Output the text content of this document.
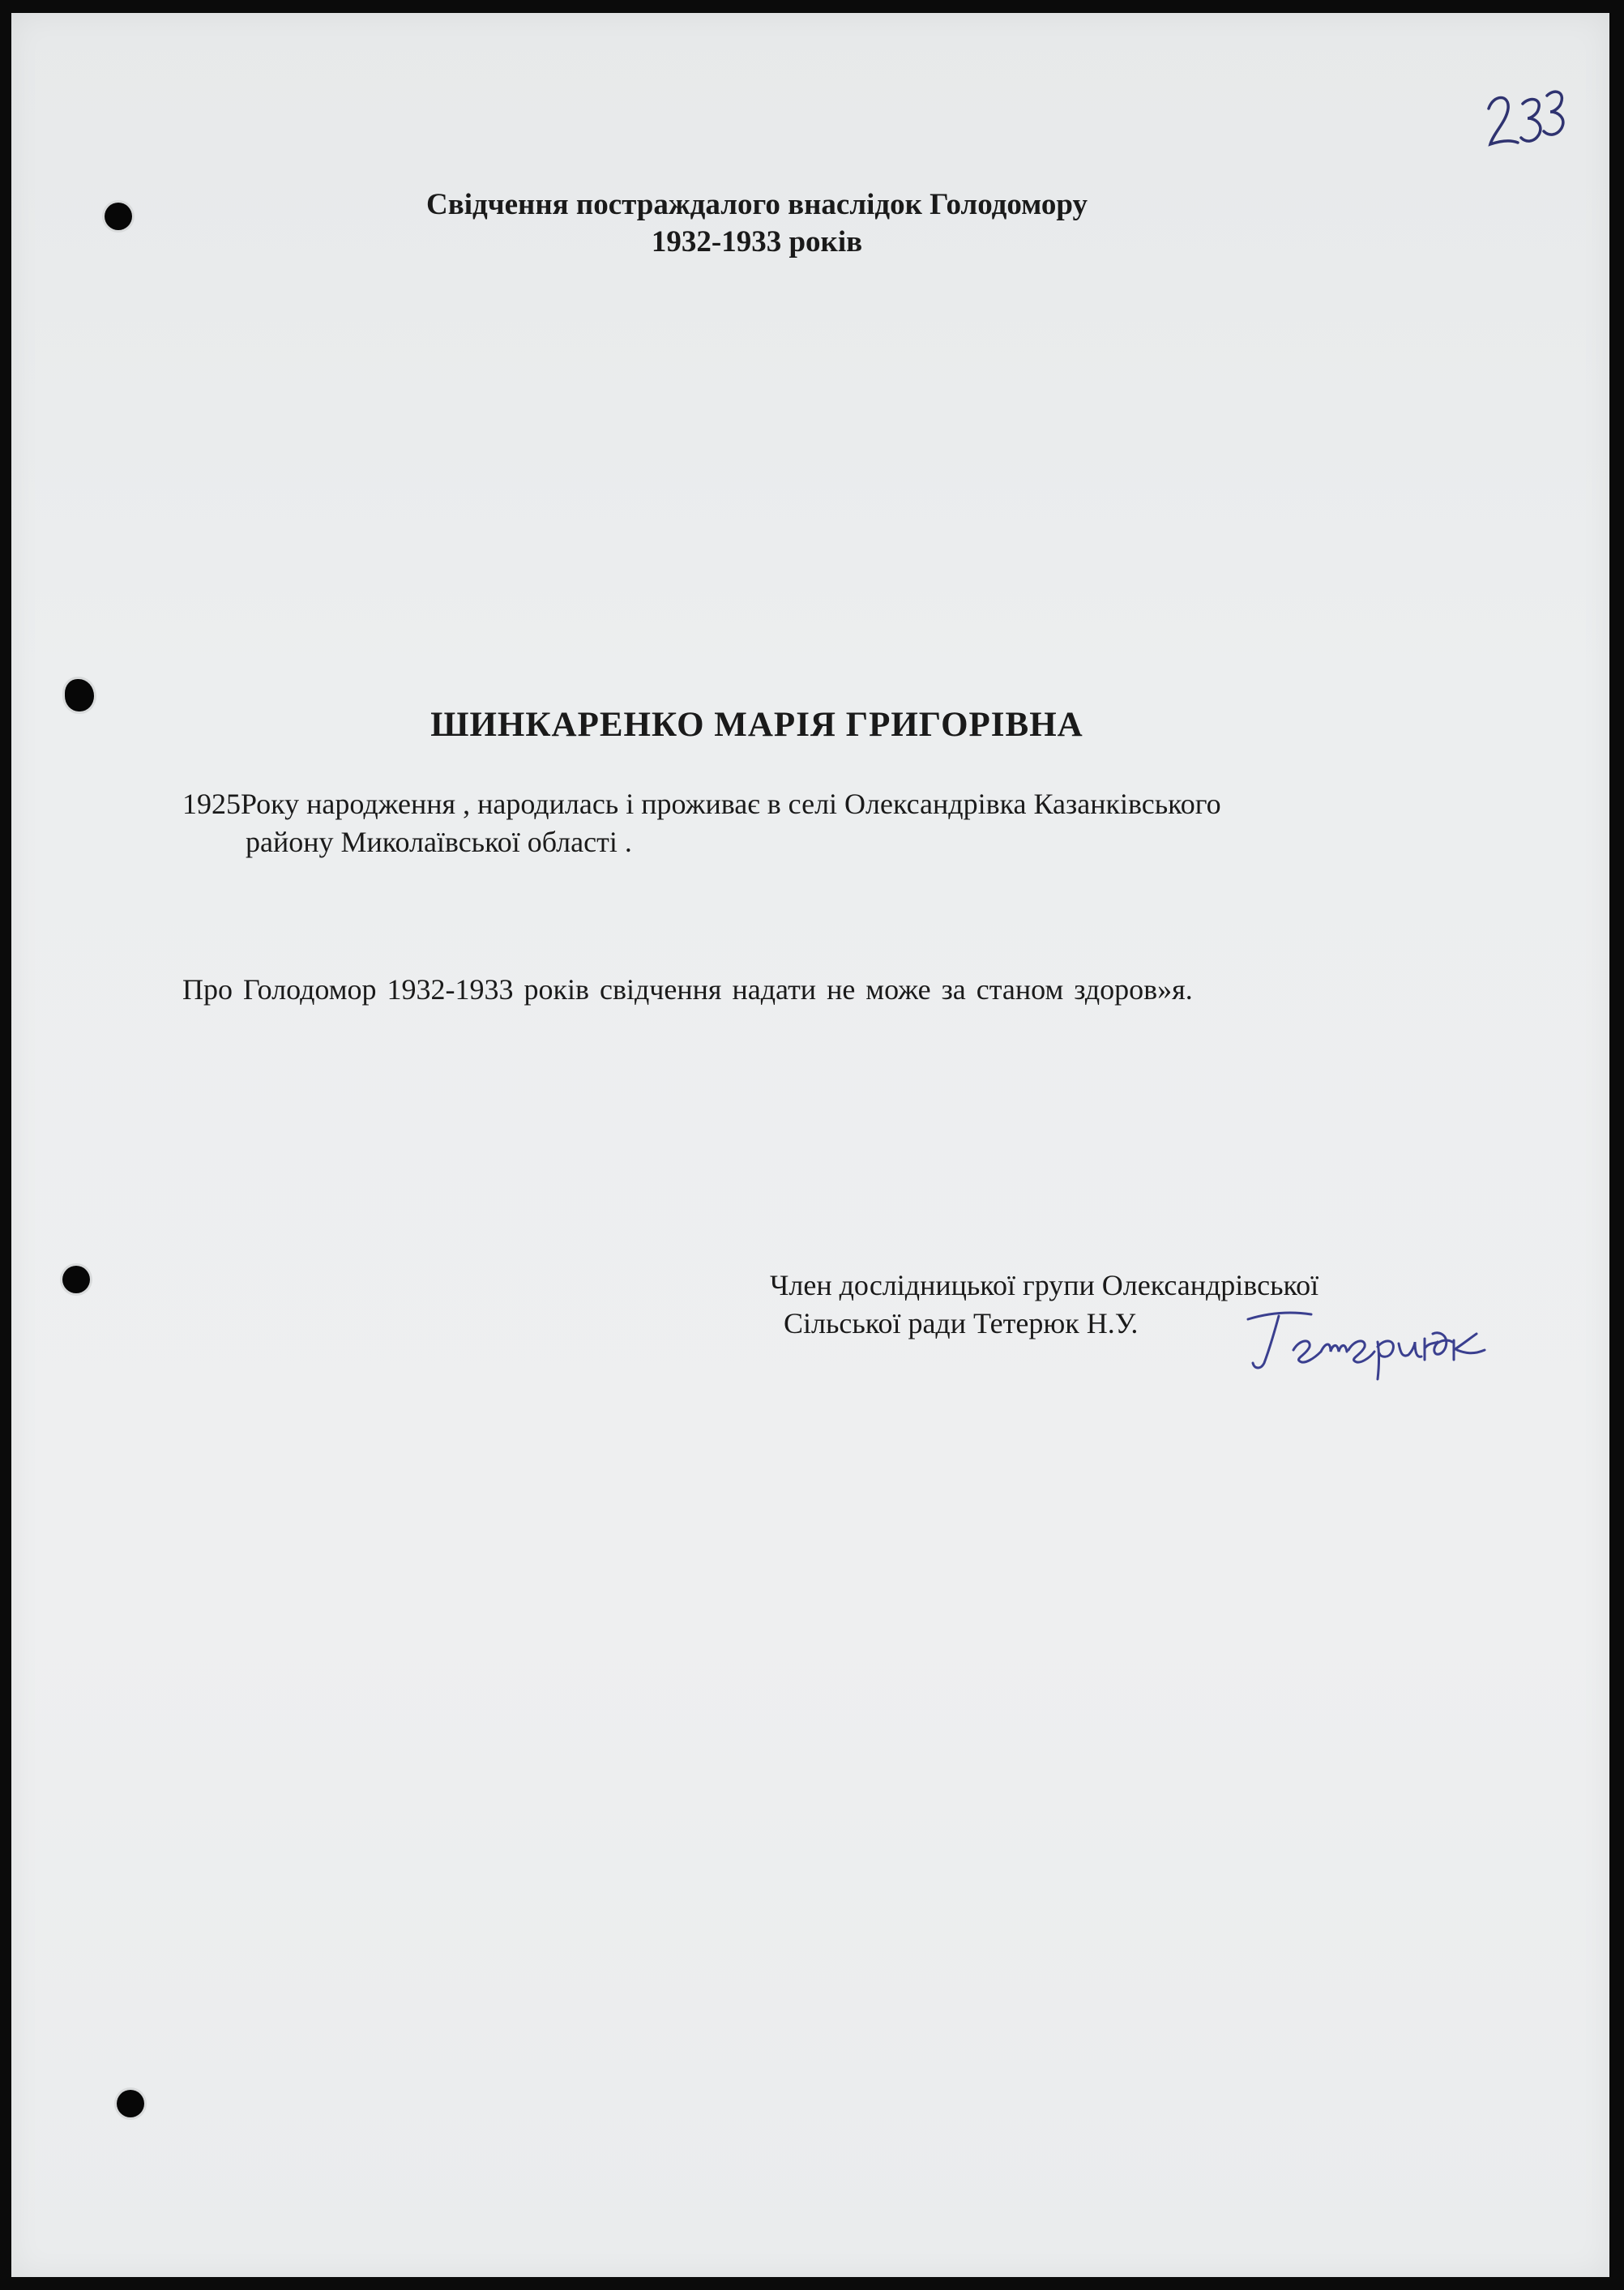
Свідчення постраждалого внаслідок Голодомору
1932-1933 років
ШИНКАРЕНКО МАРІЯ ГРИГОРІВНА
1925Року народження , народилась і проживає в селі Олександрівка Казанківського
району Миколаївської області .
Про Голодомор 1932-1933 років свідчення надати не може за станом здоров»я.
Член дослідницької групи Олександрівської
Сільської ради Тетерюк Н.У.
